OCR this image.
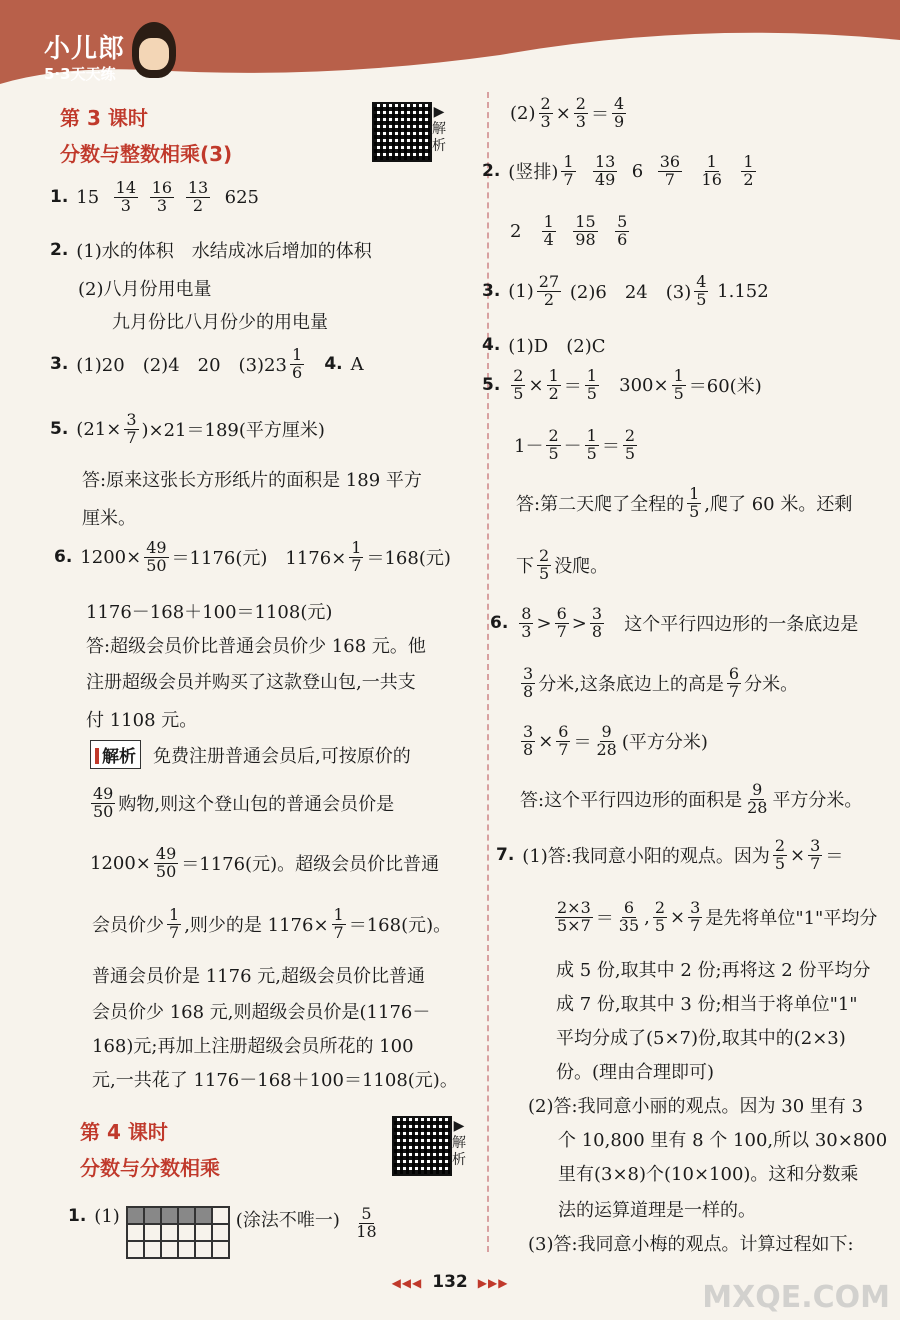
小儿郎
5·3天天练
第 3 课时
分数与整数相乘(3)
▶
解析
1. 15
$\frac{14}{3}$
$\frac{16}{3}$
$\frac{13}{2}$
625
2. (1)水的体积　水结成冰后增加的体积
(2)八月份用电量
九月份比八月份少的用电量
3. (1)20　(2)4　20　$(3)23 \frac{1}{6}$
4. A
5. $(21\times \frac{3}{7} )\times 21=189$(平方厘米)
答:原来这张长方形纸片的面积是 189 平方
厘米。
6. $1200\times \frac{49}{50} =1176$(元)　$1176\times \frac{1}{7} =168$(元)
1176－168＋100＝1108(元)
答:超级会员价比普通会员价少 168 元。他
注册超级会员并购买了这款登山包,一共支
付 1108 元。
解析 免费注册普通会员后,可按原价的
$\frac{49}{50}$ 购物,则这个登山包的普通会员价是
$1200\times \frac{49}{50} =1176$(元)。超级会员价比普通
会员价少 $\frac{1}{7}$ ,则少的是 $1176\times \frac{1}{7} =168$(元)。
普通会员价是 1176 元,超级会员价比普通
会员价少 168 元,则超级会员价是(1176－
168)元;再加上注册超级会员所花的 100
元,一共花了 1176－168＋100＝1108(元)。
第 4 课时
分数与分数相乘
▶
解析
1. (1)	(涂法不唯一)
$\frac{5}{18}$
$(2) \frac{2}{3} \times \frac{2}{3} = \frac{4}{9}$
2. (竖排) $\frac{1}{7}$
$\frac{13}{49}$
6
$\frac{36}{7}$
$\frac{1}{16}$
$\frac{1}{2}$
2
$\frac{1}{4}$
$\frac{15}{98}$
$\frac{5}{6}$
3. $(1) \frac{27}{2}$
(2)6　24　$(3) \frac{4}{5}$
1.152
4. (1)D　(2)C
5. $\frac{2}{5} \times \frac{1}{2} = \frac{1}{5}$
$300\times \frac{1}{5} =60$(米)
$1- \frac{2}{5} - \frac{1}{5} = \frac{2}{5}$
答:第二天爬了全程的 $\frac{1}{5}$ ,爬了 60 米。还剩
下 $\frac{2}{5}$ 没爬。
6. $\frac{8}{3} > \frac{6}{7} > \frac{3}{8}$
这个平行四边形的一条底边是
$\frac{3}{8}$ 分米,这条底边上的高是 $\frac{6}{7}$ 分米。
$\frac{3}{8} \times \frac{6}{7} = \frac{9}{28}$ (平方分米)
答:这个平行四边形的面积是 $\frac{9}{28}$ 平方分米。
7. (1)答:我同意小阳的观点。因为 $\frac{2}{5} \times \frac{3}{7}$ ＝
$\frac{2\times 3}{5\times 7} = \frac{6}{35}$ , $\frac{2}{5} \times \frac{3}{7}$ 是先将单位"1"平均分
成 5 份,取其中 2 份;再将这 2 份平均分
成 7 份,取其中 3 份;相当于将单位"1"
平均分成了(5×7)份,取其中的(2×3)
份。(理由合理即可)
(2)答:我同意小丽的观点。因为 30 里有 3
个 10,800 里有 8 个 100,所以 30×800
里有(3×8)个(10×100)。这和分数乘
法的运算道理是一样的。
(3)答:我同意小梅的观点。计算过程如下:
◀◀◀ 132 ▶▶▶	MXQE.COM
